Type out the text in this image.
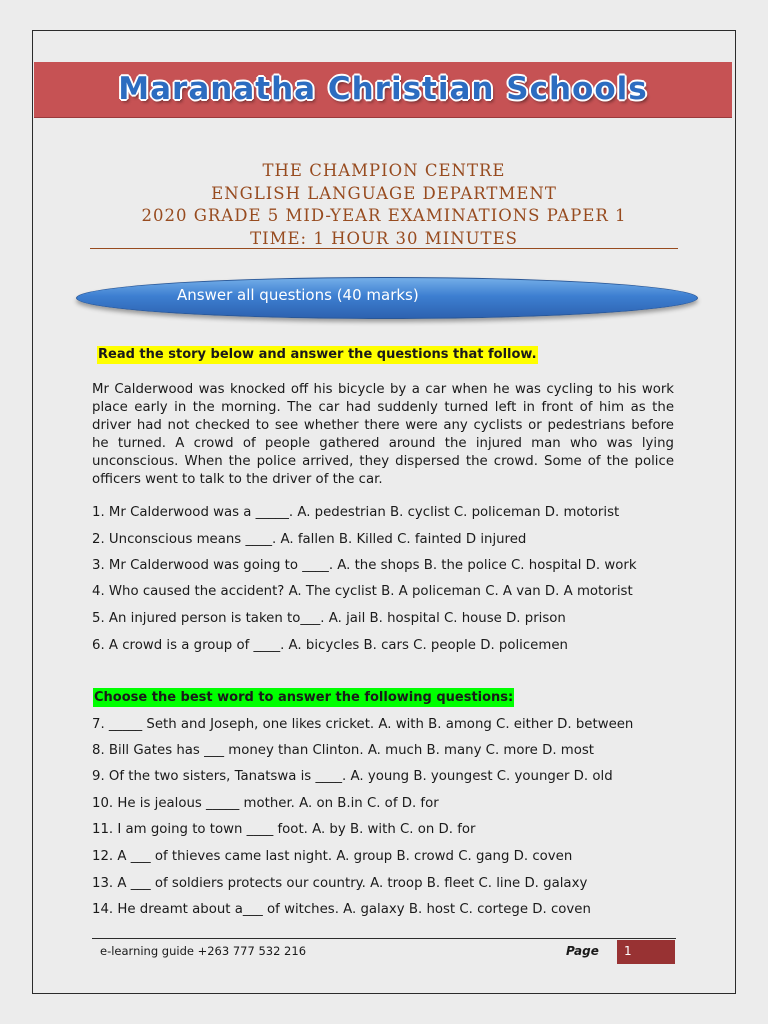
Maranatha Christian Schools
THE CHAMPION CENTRE
ENGLISH LANGUAGE DEPARTMENT
2020 GRADE 5 MID-YEAR EXAMINATIONS PAPER 1
TIME: 1 HOUR 30 MINUTES
Answer all questions (40 marks)
Read the story below and answer the questions that follow.
Mr Calderwood was knocked off his bicycle by a car when he was cycling to his work place early in the morning. The car had suddenly turned left in front of him as the driver had not checked to see whether there were any cyclists or pedestrians before he turned. A crowd of people gathered around the injured man who was lying unconscious. When the police arrived, they dispersed the crowd. Some of the police officers went to talk to the driver of the car.
1. Mr Calderwood was a _____. A. pedestrian B. cyclist C. policeman D. motorist
2. Unconscious means ____. A. fallen B. Killed C. fainted D injured
3. Mr Calderwood was going to ____. A. the shops B. the police C. hospital D. work
4. Who caused the accident? A. The cyclist B. A policeman C. A van D. A motorist
5. An injured person is taken to___. A. jail B. hospital C. house D. prison
6. A crowd is a group of ____. A. bicycles B. cars C. people D. policemen
Choose the best word to answer the following questions:
7. _____ Seth and Joseph, one likes cricket. A. with B. among C. either D. between
8. Bill Gates has ___ money than Clinton. A. much B. many C. more D. most
9. Of the two sisters, Tanatswa is ____. A. young B. youngest C. younger D. old
10. He is jealous _____ mother. A. on B.in C. of D. for
11. I am going to town ____ foot. A. by B. with C. on D. for
12. A ___ of thieves came last night. A. group B. crowd C. gang D. coven
13. A ___ of soldiers protects our country. A. troop B. fleet C. line D. galaxy
14. He dreamt about a___ of witches. A. galaxy B. host C. cortege D. coven
e-learning guide +263 777 532 216	Page 1
